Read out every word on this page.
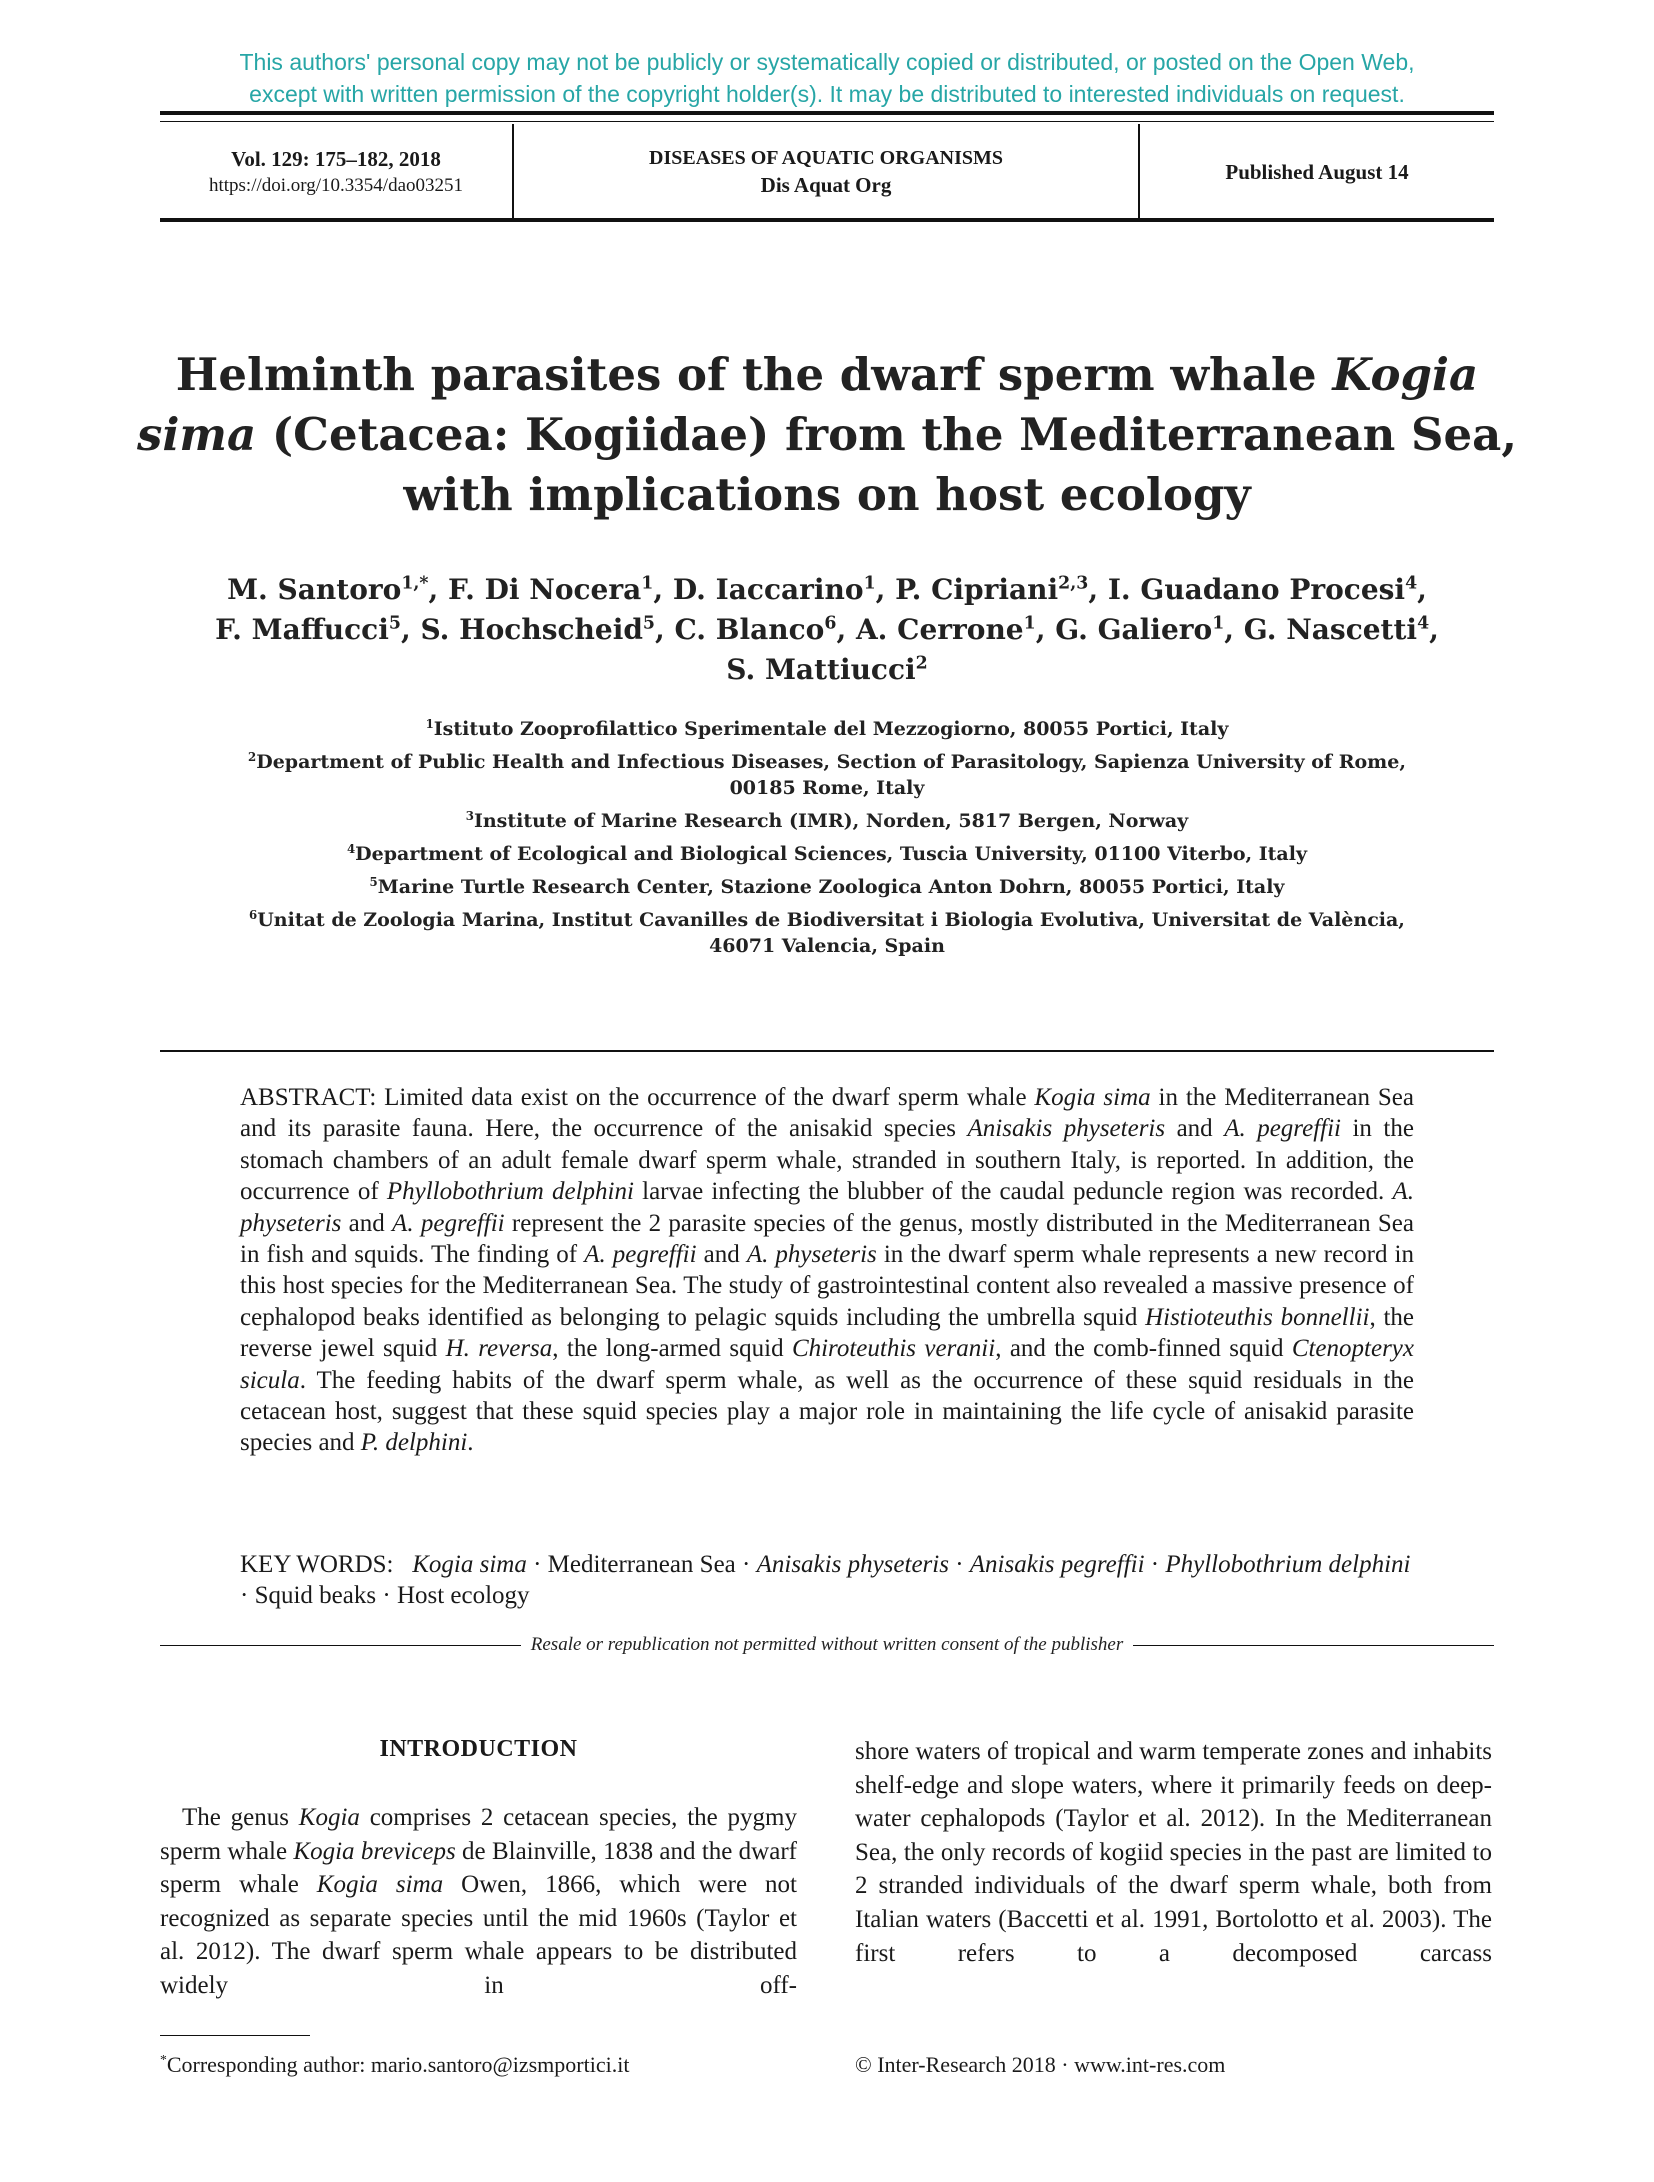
This authors' personal copy may not be publicly or systematically copied or distributed, or posted on the Open Web,
except with written permission of the copyright holder(s). It may be distributed to interested individuals on request.
Vol. 129: 175–182, 2018
https://doi.org/10.3354/dao03251
DISEASES OF AQUATIC ORGANISMS
Dis Aquat Org
Published August 14
Helminth parasites of the dwarf sperm whale Kogia sima (Cetacea: Kogiidae) from the Mediterranean Sea, with implications on host ecology
M. Santoro$^{1,*}$, F. Di Nocera$^1$, D. Iaccarino$^1$, P. Cipriani$^{2,3}$, I. Guadano Procesi$^4$,
F. Maffucci$^5$, S. Hochscheid$^5$, C. Blanco$^6$, A. Cerrone$^1$, G. Galiero$^1$, G. Nascetti$^4$,
S. Mattiucci$^2$
$^1$Istituto Zooprofilattico Sperimentale del Mezzogiorno, 80055 Portici, Italy
$^2$Department of Public Health and Infectious Diseases, Section of Parasitology, Sapienza University of Rome, 00185 Rome, Italy
$^3$Institute of Marine Research (IMR), Norden, 5817 Bergen, Norway
$^4$Department of Ecological and Biological Sciences, Tuscia University, 01100 Viterbo, Italy
$^5$Marine Turtle Research Center, Stazione Zoologica Anton Dohrn, 80055 Portici, Italy
$^6$Unitat de Zoologia Marina, Institut Cavanilles de Biodiversitat i Biologia Evolutiva, Universitat de València, 46071 Valencia, Spain
ABSTRACT: Limited data exist on the occurrence of the dwarf sperm whale Kogia sima in the Mediterranean Sea and its parasite fauna. Here, the occurrence of the anisakid species Anisakis physeteris and A. pegreffii in the stomach chambers of an adult female dwarf sperm whale, stranded in southern Italy, is reported. In addition, the occurrence of Phyllobothrium delphini larvae infecting the blubber of the caudal peduncle region was recorded. A. physeteris and A. pegreffii represent the 2 parasite species of the genus, mostly distributed in the Mediterranean Sea in fish and squids. The finding of A. pegreffii and A. physeteris in the dwarf sperm whale represents a new record in this host species for the Mediterranean Sea. The study of gastrointestinal content also revealed a massive presence of cephalopod beaks identified as belonging to pelagic squids including the umbrella squid Histioteuthis bonnellii, the reverse jewel squid H. reversa, the long-armed squid Chiroteuthis veranii, and the comb-finned squid Ctenopteryx sicula. The feeding habits of the dwarf sperm whale, as well as the occurrence of these squid residuals in the cetacean host, suggest that these squid species play a major role in maintaining the life cycle of anisakid parasite species and P. delphini.
KEY WORDS: Kogia sima · Mediterranean Sea · Anisakis physeteris · Anisakis pegreffii · Phyllobothrium delphini · Squid beaks · Host ecology
Resale or republication not permitted without written consent of the publisher
INTRODUCTION
The genus Kogia comprises 2 cetacean species, the pygmy sperm whale Kogia breviceps de Blainville, 1838 and the dwarf sperm whale Kogia sima Owen, 1866, which were not recognized as separate species until the mid 1960s (Taylor et al. 2012). The dwarf sperm whale appears to be distributed widely in off-
shore waters of tropical and warm temperate zones and inhabits shelf-edge and slope waters, where it primarily feeds on deep-water cephalopods (Taylor et al. 2012). In the Mediterranean Sea, the only records of kogiid species in the past are limited to 2 stranded individuals of the dwarf sperm whale, both from Italian waters (Baccetti et al. 1991, Bortolotto et al. 2003). The first refers to a decomposed carcass
*Corresponding author: mario.santoro@izsmportici.it	© Inter-Research 2018 · www.int-res.com
